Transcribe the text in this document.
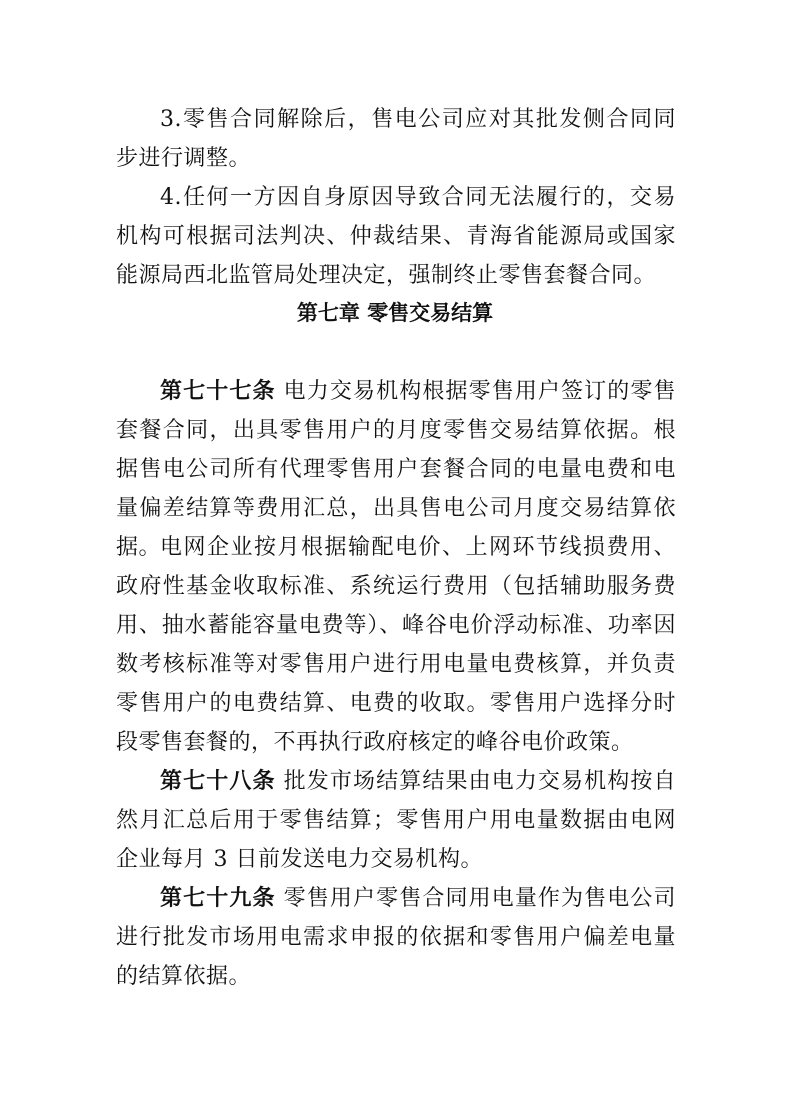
3.零售合同解除后，售电公司应对其批发侧合同同步进行调整。

4.任何一方因自身原因导致合同无法履行的，交易机构可根据司法判决、仲裁结果、青海省能源局或国家能源局西北监管局处理决定，强制终止零售套餐合同。

第七章 零售交易结算

第七十七条 电力交易机构根据零售用户签订的零售套餐合同，出具零售用户的月度零售交易结算依据。根据售电公司所有代理零售用户套餐合同的电量电费和电量偏差结算等费用汇总，出具售电公司月度交易结算依据。

电网企业按月根据输配电价、上网环节线损费用、政府性基金收取标准、系统运行费用（包括辅助服务费用、抽水蓄能容量电费等）、峰谷电价浮动标准、功率因数考核标准等对零售用户进行用电量电费核算，并负责零售用户的电费结算、电费的收取。零售用户选择分时段零售套餐的，不再执行政府核定的峰谷电价政策。

第七十八条 批发市场结算结果由电力交易机构按自然月汇总后用于零售结算；零售用户用电量数据由电网企业每月 3 日前发送电力交易机构。

第七十九条 零售用户零售合同用电量作为售电公司进行批发市场用电需求申报的依据和零售用户偏差电量的结算依据。
